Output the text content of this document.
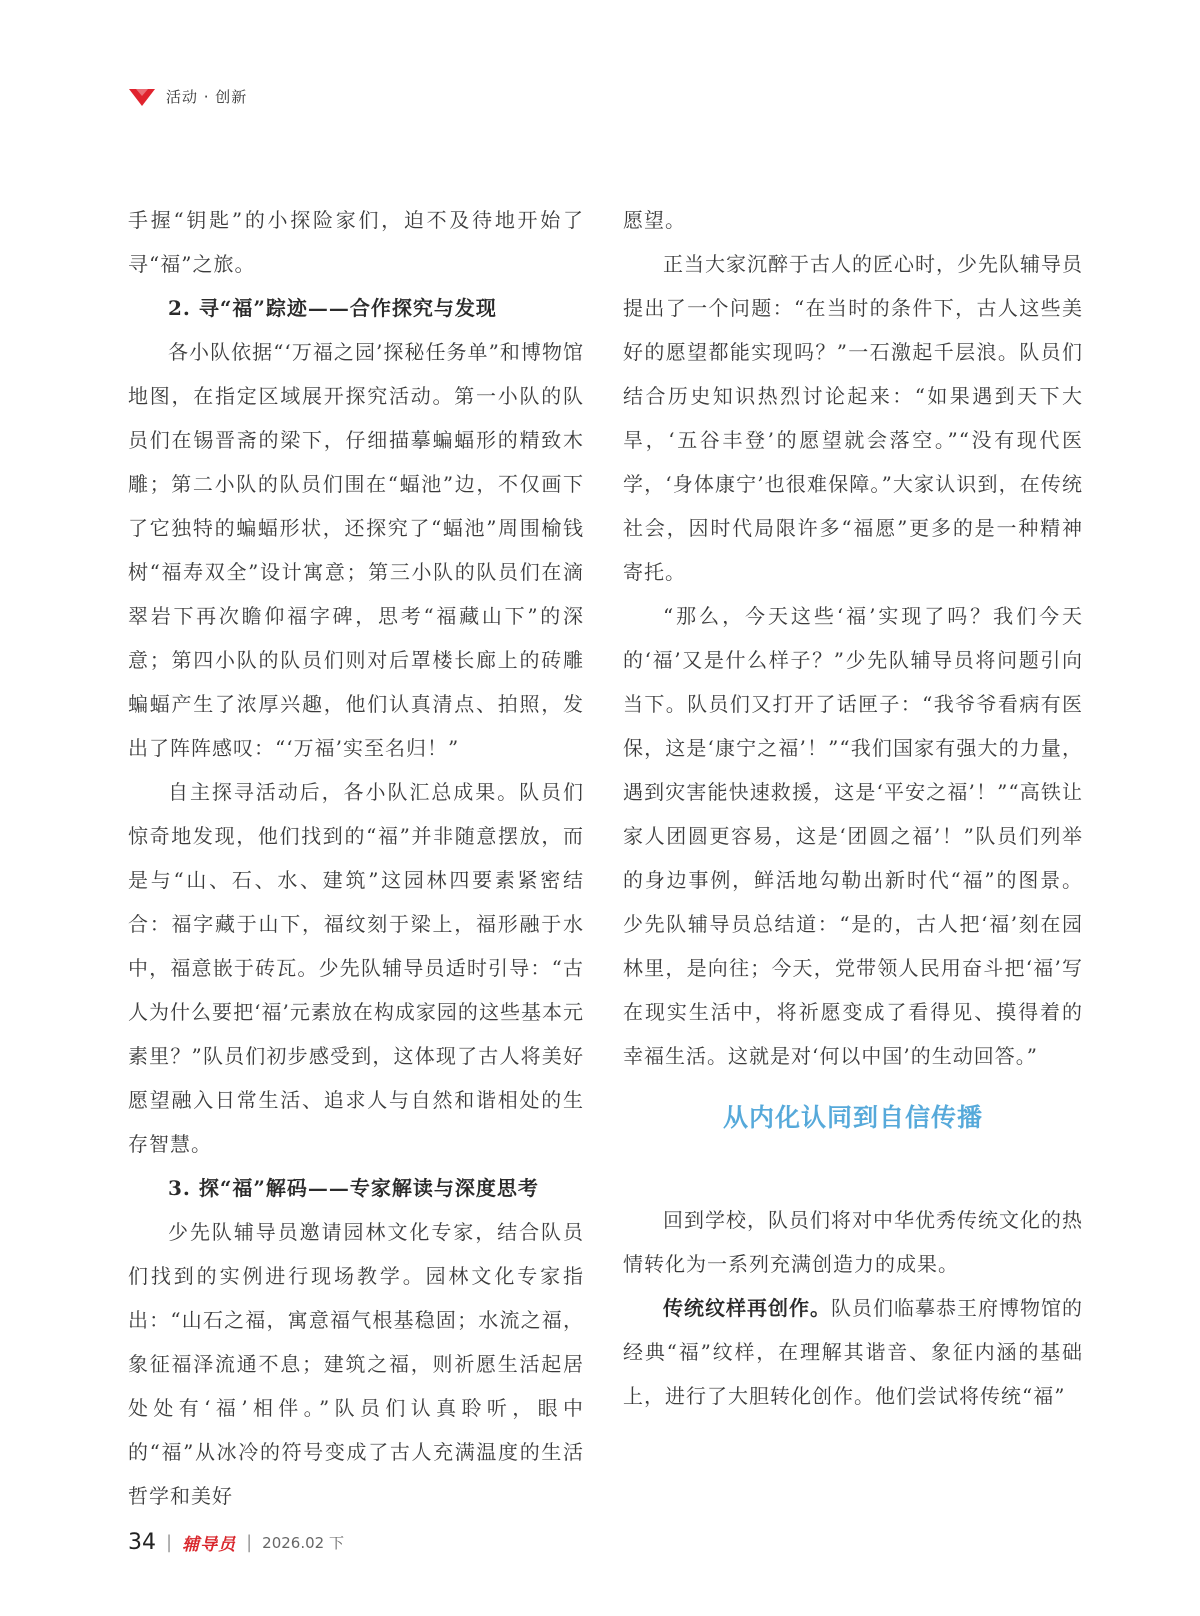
活动 · 创新

手握“钥匙”的小探险家们，迫不及待地开始了寻“福”之旅。

2. 寻“福”踪迹——合作探究与发现

各小队依据“‘万福之园’探秘任务单”和博物馆地图，在指定区域展开探究活动。第一小队的队员们在锡晋斋的梁下，仔细描摹蝙蝠形的精致木雕；第二小队的队员们围在“蝠池”边，不仅画下了它独特的蝙蝠形状，还探究了“蝠池”周围榆钱树“福寿双全”设计寓意；第三小队的队员们在滴翠岩下再次瞻仰福字碑，思考“福藏山下”的深意；第四小队的队员们则对后罩楼长廊上的砖雕蝙蝠产生了浓厚兴趣，他们认真清点、拍照，发出了阵阵感叹：“‘万福’实至名归！”

自主探寻活动后，各小队汇总成果。队员们惊奇地发现，他们找到的“福”并非随意摆放，而是与“山、石、水、建筑”这园林四要素紧密结合：福字藏于山下，福纹刻于梁上，福形融于水中，福意嵌于砖瓦。少先队辅导员适时引导：“古人为什么要把‘福’元素放在构成家园的这些基本元素里？”队员们初步感受到，这体现了古人将美好愿望融入日常生活、追求人与自然和谐相处的生存智慧。

3. 探“福”解码——专家解读与深度思考

少先队辅导员邀请园林文化专家，结合队员们找到的实例进行现场教学。园林文化专家指出：“山石之福，寓意福气根基稳固；水流之福，象征福泽流通不息；建筑之福，则祈愿生活起居处处有‘福’相伴。”队员们认真聆听，眼中的“福”从冰冷的符号变成了古人充满温度的生活哲学和美好

愿望。

正当大家沉醉于古人的匠心时，少先队辅导员提出了一个问题：“在当时的条件下，古人这些美好的愿望都能实现吗？”一石激起千层浪。队员们结合历史知识热烈讨论起来：“如果遇到天下大旱，‘五谷丰登’的愿望就会落空。”“没有现代医学，‘身体康宁’也很难保障。”大家认识到，在传统社会，因时代局限许多“福愿”更多的是一种精神寄托。

“那么，今天这些‘福’实现了吗？我们今天的‘福’又是什么样子？”少先队辅导员将问题引向当下。队员们又打开了话匣子：“我爷爷看病有医保，这是‘康宁之福’！”“我们国家有强大的力量，遇到灾害能快速救援，这是‘平安之福’！”“高铁让家人团圆更容易，这是‘团圆之福’！”队员们列举的身边事例，鲜活地勾勒出新时代“福”的图景。少先队辅导员总结道：“是的，古人把‘福’刻在园林里，是向往；今天，党带领人民用奋斗把‘福’写在现实生活中，将祈愿变成了看得见、摸得着的幸福生活。这就是对‘何以中国’的生动回答。”

从内化认同到自信传播

回到学校，队员们将对中华优秀传统文化的热情转化为一系列充满创造力的成果。

传统纹样再创作。队员们临摹恭王府博物馆的经典“福”纹样，在理解其谐音、象征内涵的基础上，进行了大胆转化创作。他们尝试将传统“福”

34 | 辅导员 | 2026.02 下
